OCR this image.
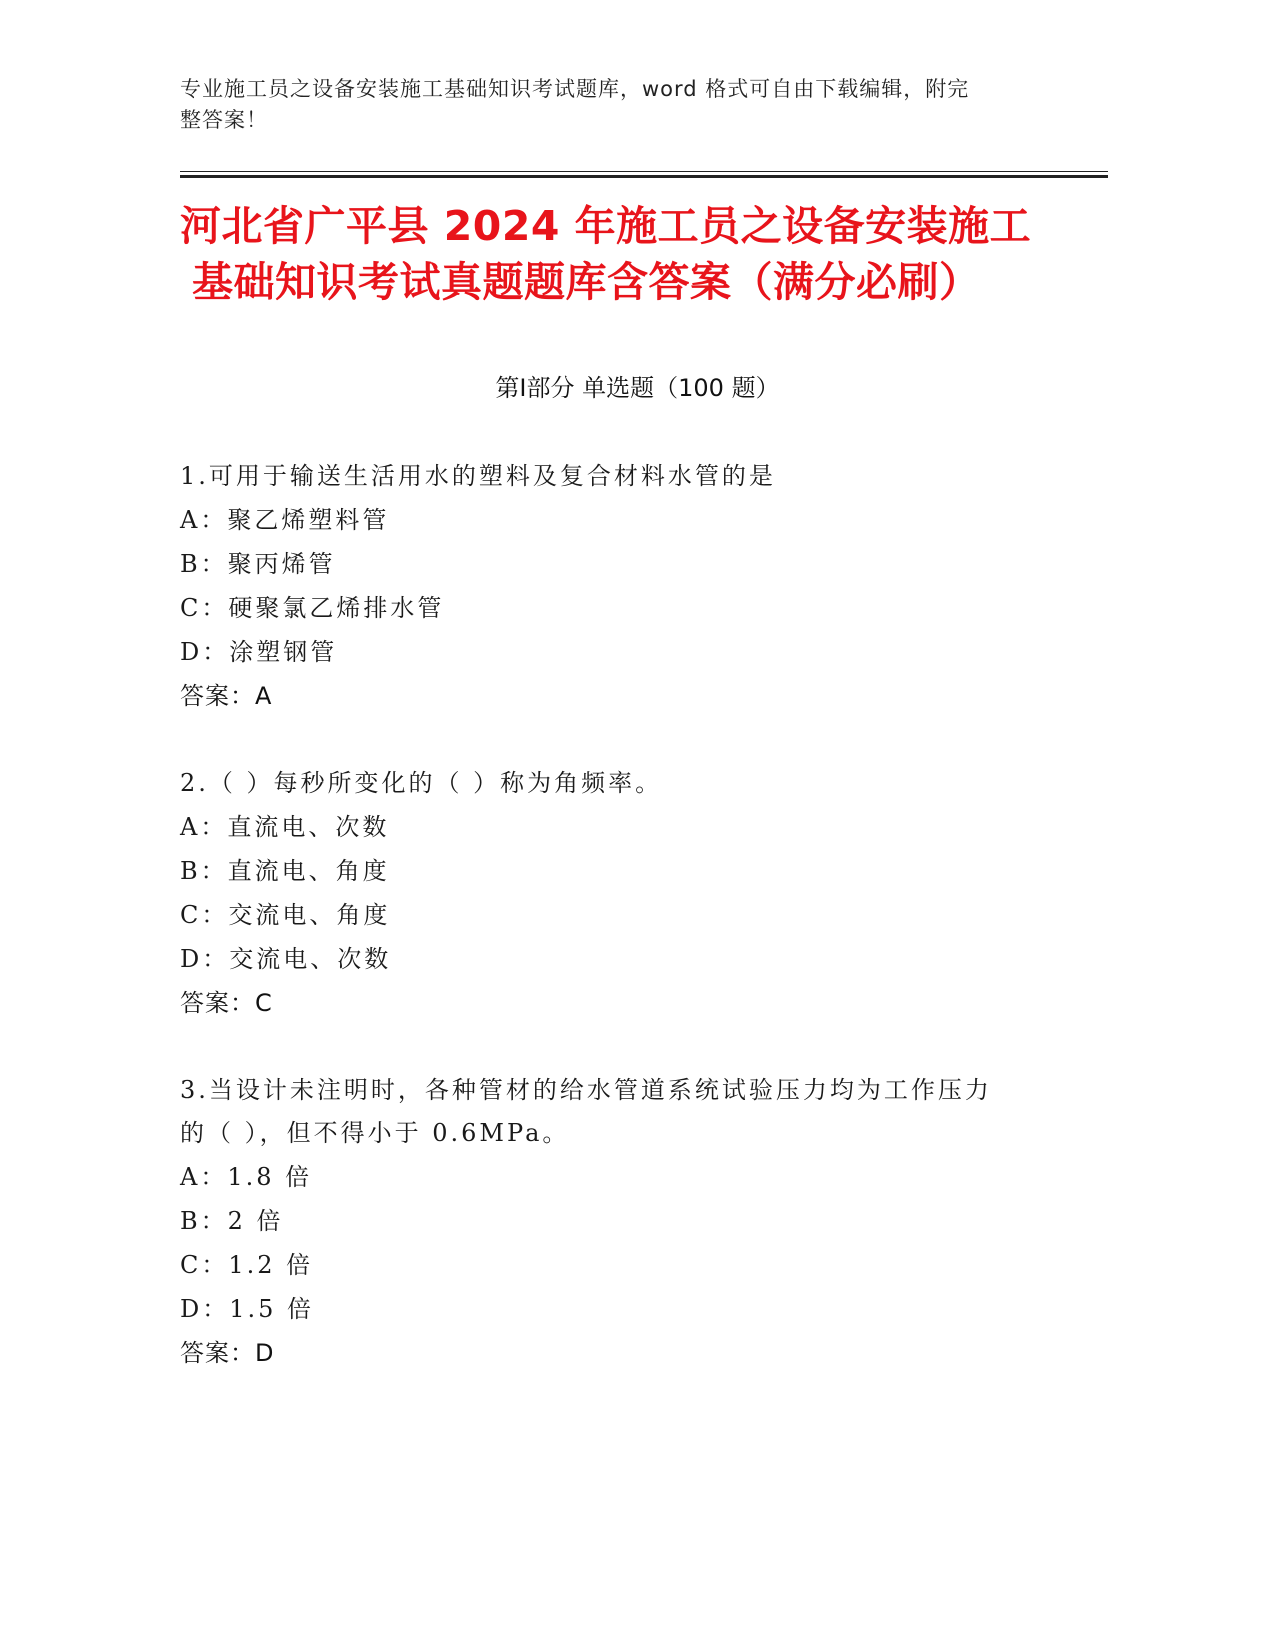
专业施工员之设备安装施工基础知识考试题库，word 格式可自由下载编辑，附完
整答案！
河北省广平县 2024 年施工员之设备安装施工
基础知识考试真题题库含答案（满分必刷）
第Ⅰ部分 单选题（100 题）
1.可用于输送生活用水的塑料及复合材料水管的是
A：聚乙烯塑料管
B：聚丙烯管
C：硬聚氯乙烯排水管
D：涂塑钢管
答案：A
2.（ ）每秒所变化的（ ）称为角频率。
A：直流电、次数
B：直流电、角度
C：交流电、角度
D：交流电、次数
答案：C
3.当设计未注明时，各种管材的给水管道系统试验压力均为工作压力
的（ ），但不得小于 0.6MPa。
A：1.8 倍
B：2 倍
C：1.2 倍
D：1.5 倍
答案：D
